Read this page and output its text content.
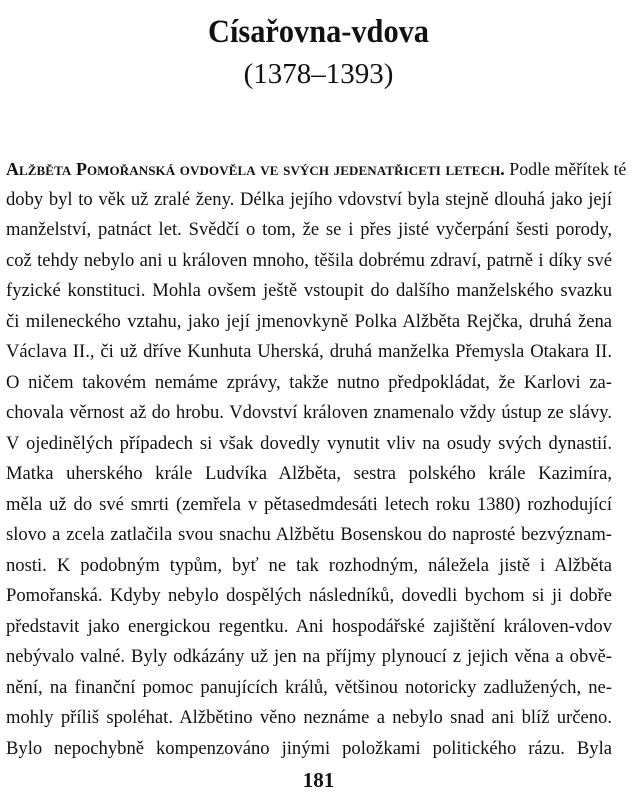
Císařovna-vdova

(1378–1393)

Alžběta Pomořanská ovdověla ve svých jedenatřiceti letech. Podle měřítek té
doby byl to věk už zralé ženy. Délka jejího vdovství byla stejně dlouhá jako její
manželství, patnáct let. Svědčí o tom, že se i přes jisté vyčerpání šesti porody,
což tehdy nebylo ani u královen mnoho, těšila dobrému zdraví, patrně i díky své
fyzické konstituci. Mohla ovšem ještě vstoupit do dalšího manželského svazku
či mileneckého vztahu, jako její jmenovkyně Polka Alžběta Rejčka, druhá žena
Václava II., či už dříve Kunhuta Uherská, druhá manželka Přemysla Otakara II.
O ničem takovém nemáme zprávy, takže nutno předpokládat, že Karlovi za-
chovala věrnost až do hrobu. Vdovství královen znamenalo vždy ústup ze slávy.
V ojedinělých případech si však dovedly vynutit vliv na osudy svých dynastií.
Matka uherského krále Ludvíka Alžběta, sestra polského krále Kazimíra,
měla už do své smrti (zemřela v pětasedmdesáti letech roku 1380) rozhodující
slovo a zcela zatlačila svou snachu Alžbětu Bosenskou do naprosté bezvýznam-
nosti. K podobným typům, byť ne tak rozhodným, náležela jistě i Alžběta
Pomořanská. Kdyby nebylo dospělých následníků, dovedli bychom si ji dobře
představit jako energickou regentku. Ani hospodářské zajištění královen-vdov
nebývalo valné. Byly odkázány už jen na příjmy plynoucí z jejich věna a obvě-
nění, na finanční pomoc panujících králů, většinou notoricky zadlužených, ne-
mohly příliš spoléhat. Alžbětino věno neznáme a nebylo snad ani blíž určeno.
Bylo nepochybně kompenzováno jinými položkami politického rázu. Byla
181
